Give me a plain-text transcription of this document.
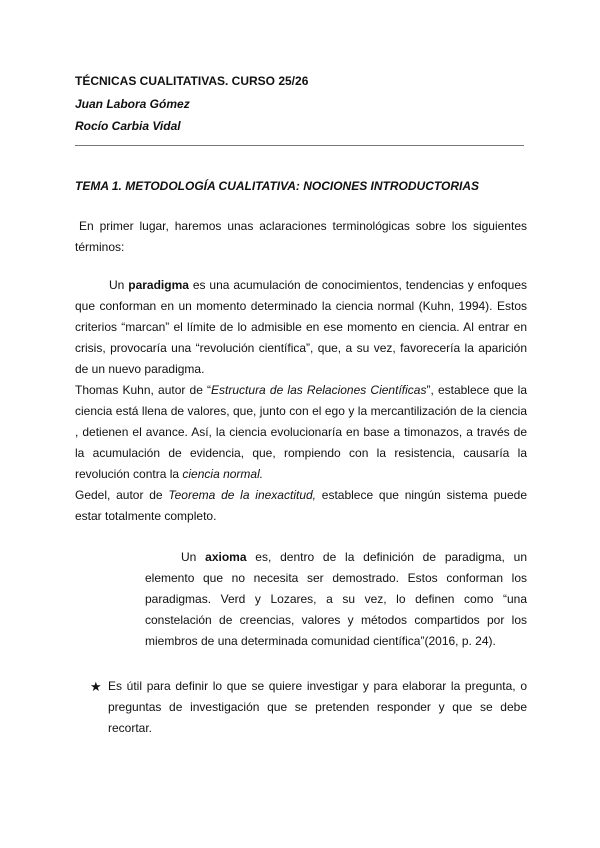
TÉCNICAS CUALITATIVAS. CURSO 25/26
Juan Labora Gómez
Rocío Carbia Vidal
TEMA 1. METODOLOGÍA CUALITATIVA: NOCIONES INTRODUCTORIAS

En primer lugar, haremos unas aclaraciones terminológicas sobre los siguientes términos:

Un paradigma es una acumulación de conocimientos, tendencias y enfoques que conforman en un momento determinado la ciencia normal (Kuhn, 1994). Estos criterios “marcan” el límite de lo admisible en ese momento en ciencia. Al entrar en crisis, provocaría una “revolución científica”, que, a su vez, favorecería la aparición de un nuevo paradigma.

Thomas Kuhn, autor de “Estructura de las Relaciones Científicas”, establece que la ciencia está llena de valores, que, junto con el ego y la mercantilización de la ciencia , detienen el avance. Así, la ciencia evolucionaría en base a timonazos, a través de la acumulación de evidencia, que, rompiendo con la resistencia, causaría la revolución contra la ciencia normal.

Gedel, autor de Teorema de la inexactitud, establece que ningún sistema puede estar totalmente completo.

Un axioma es, dentro de la definición de paradigma, un elemento que no necesita ser demostrado. Estos conforman los paradigmas. Verd y Lozares, a su vez, lo definen como “una constelación de creencias, valores y métodos compartidos por los miembros de una determinada comunidad científica”(2016, p. 24).

★ Es útil para definir lo que se quiere investigar y para elaborar la pregunta, o preguntas de investigación que se pretenden responder y que se debe recortar.
